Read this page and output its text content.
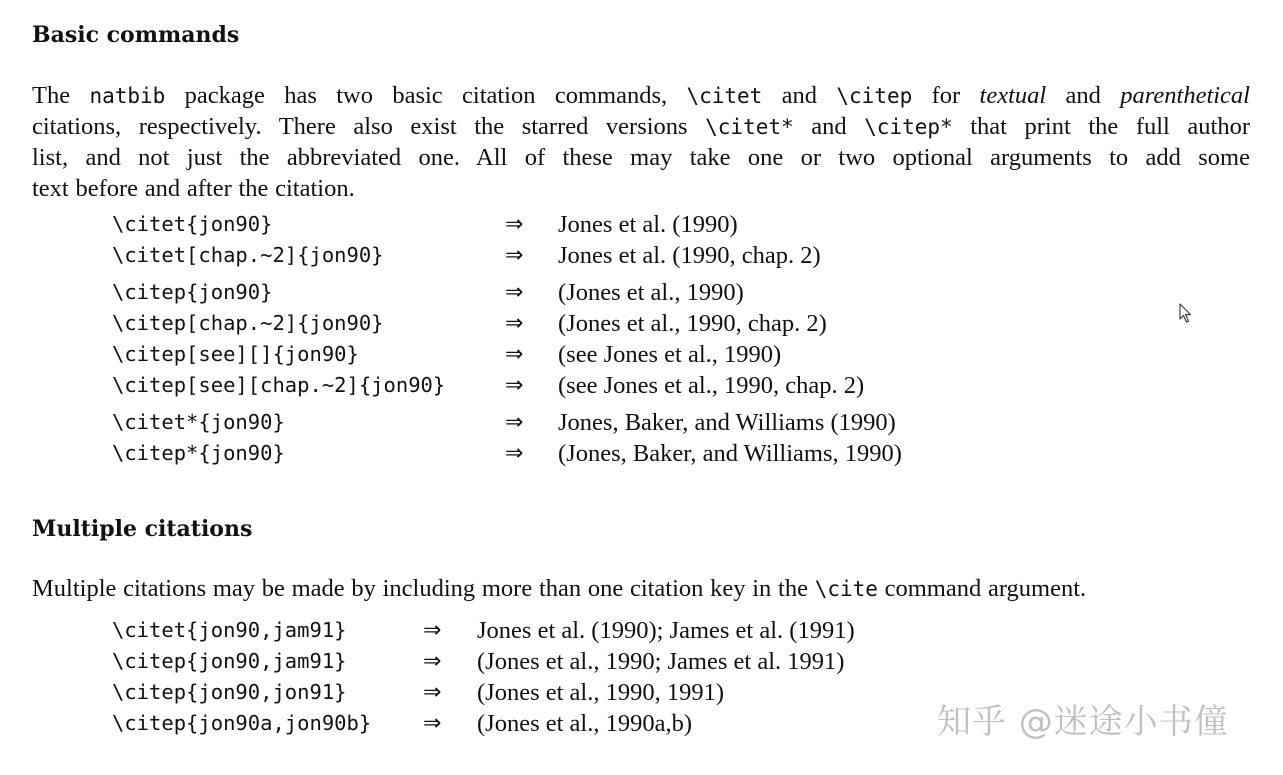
Basic commands
The natbib package has two basic citation commands, \citet and \citep for textual and parenthetical
citations, respectively. There also exist the starred versions \citet* and \citep* that print the full author
list, and not just the abbreviated one. All of these may take one or two optional arguments to add some
text before and after the citation.
\citet{jon90}	⇒ Jones et al. (1990)
\citet[chap.~2]{jon90}	⇒ Jones et al. (1990, chap. 2)
\citep{jon90}	⇒ (Jones et al., 1990)
\citep[chap.~2]{jon90}	⇒ (Jones et al., 1990, chap. 2)
\citep[see][]{jon90}	⇒ (see Jones et al., 1990)
\citep[see][chap.~2]{jon90}	⇒ (see Jones et al., 1990, chap. 2)
\citet*{jon90}	⇒ Jones, Baker, and Williams (1990)
\citep*{jon90}	⇒ (Jones, Baker, and Williams, 1990)
Multiple citations
Multiple citations may be made by including more than one citation key in the \cite command argument.
\citet{jon90,jam91}	⇒ Jones et al. (1990); James et al. (1991)
\citep{jon90,jam91}	⇒ (Jones et al., 1990; James et al. 1991)
\citep{jon90,jon91}	⇒ (Jones et al., 1990, 1991)
\citep{jon90a,jon90b} ⇒ (Jones et al., 1990a,b)	知乎 @迷途小书僮
